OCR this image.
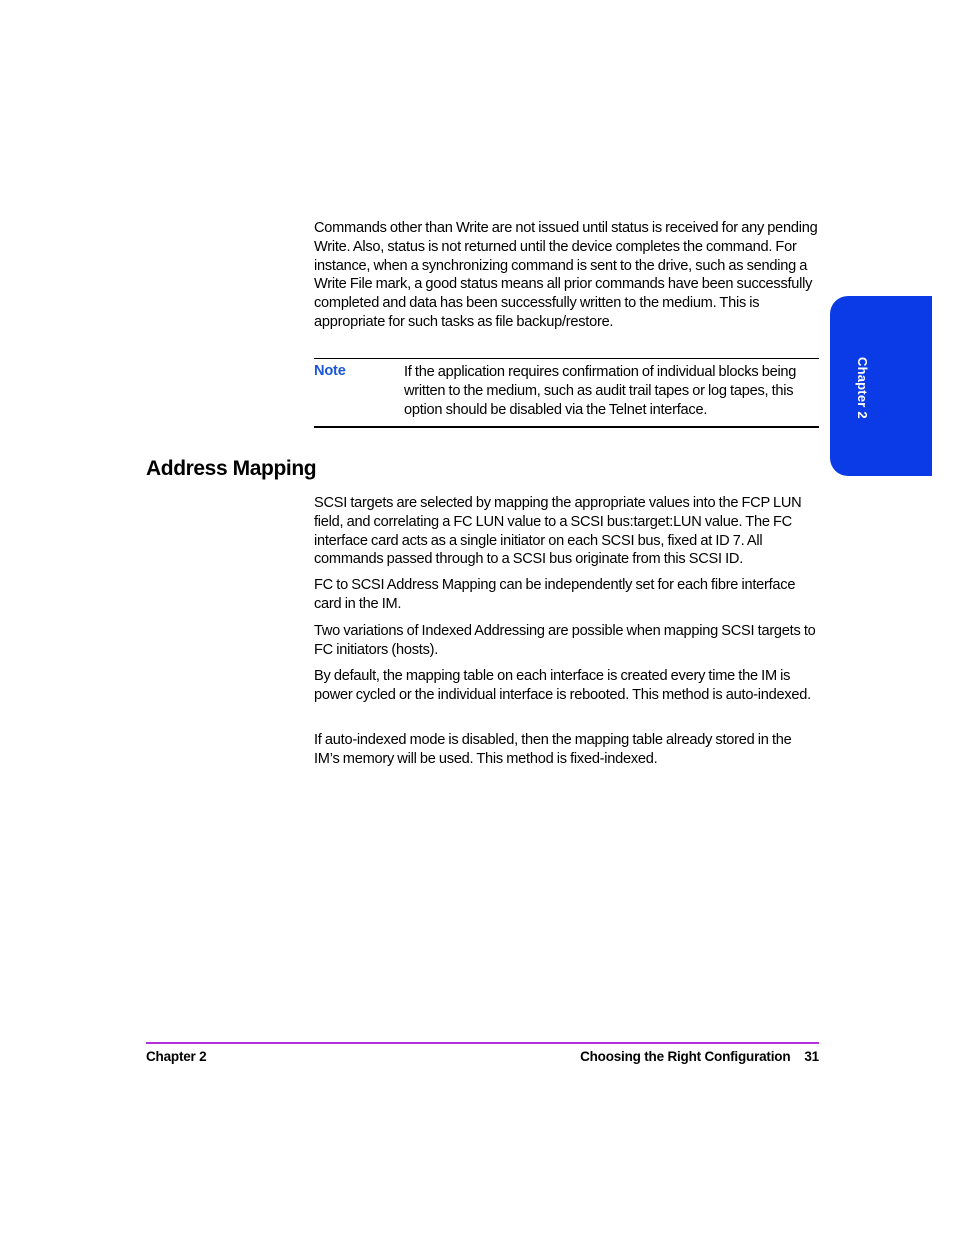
Commands other than Write are not issued until status is received for any pending Write. Also, status is not returned until the device completes the command. For instance, when a synchronizing command is sent to the drive, such as sending a Write File mark, a good status means all prior commands have been successfully completed and data has been successfully written to the medium. This is appropriate for such tasks as file backup/restore.

Note	If the application requires confirmation of individual blocks being written to the medium, such as audit trail tapes or log tapes, this option should be disabled via the Telnet interface.
Address Mapping

SCSI targets are selected by mapping the appropriate values into the FCP LUN field, and correlating a FC LUN value to a SCSI bus:target:LUN value. The FC interface card acts as a single initiator on each SCSI bus, fixed at ID 7. All commands passed through to a SCSI bus originate from this SCSI ID.

FC to SCSI Address Mapping can be independently set for each fibre interface card in the IM.

Two variations of Indexed Addressing are possible when mapping SCSI targets to FC initiators (hosts).

By default, the mapping table on each interface is created every time the IM is power cycled or the individual interface is rebooted. This method is auto-indexed.

If auto-indexed mode is disabled, then the mapping table already stored in the IM’s memory will be used. This method is fixed-indexed.

Chapter 2
Chapter 2	Choosing the Right Configuration 31
